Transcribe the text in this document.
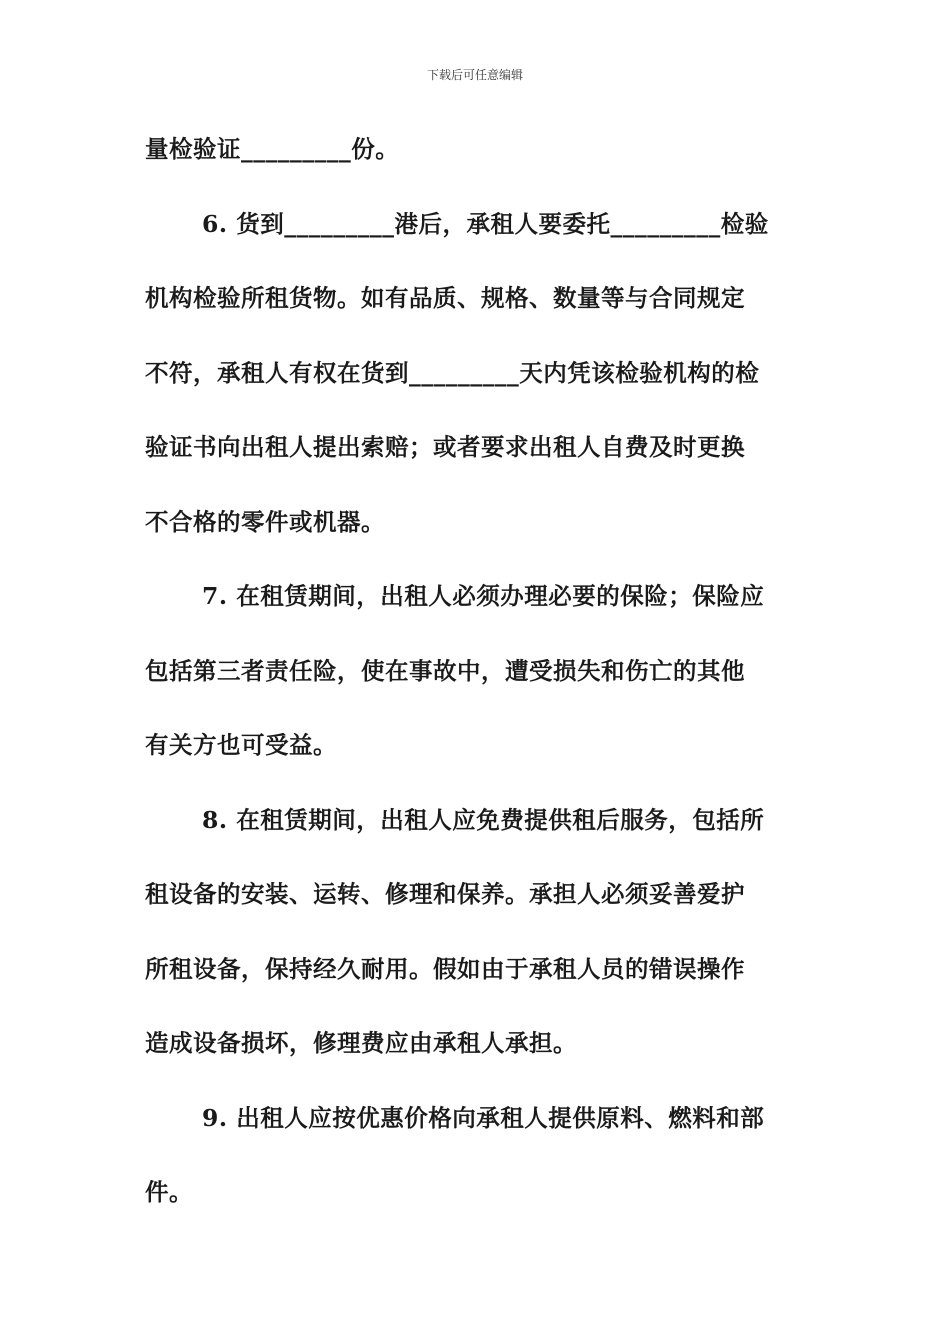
下载后可任意编辑
量检验证_________份。
6. 货到_________港后，承租人要委托_________检验
机构检验所租货物。如有品质、规格、数量等与合同规定
不符，承租人有权在货到_________天内凭该检验机构的检
验证书向出租人提出索赔；或者要求出租人自费及时更换
不合格的零件或机器。
7. 在租赁期间，出租人必须办理必要的保险；保险应
包括第三者责任险，使在事故中，遭受损失和伤亡的其他
有关方也可受益。
8. 在租赁期间，出租人应免费提供租后服务，包括所
租设备的安装、运转、修理和保养。承担人必须妥善爱护
所租设备，保持经久耐用。假如由于承租人员的错误操作
造成设备损坏，修理费应由承租人承担。
9. 出租人应按优惠价格向承租人提供原料、燃料和部
件。
